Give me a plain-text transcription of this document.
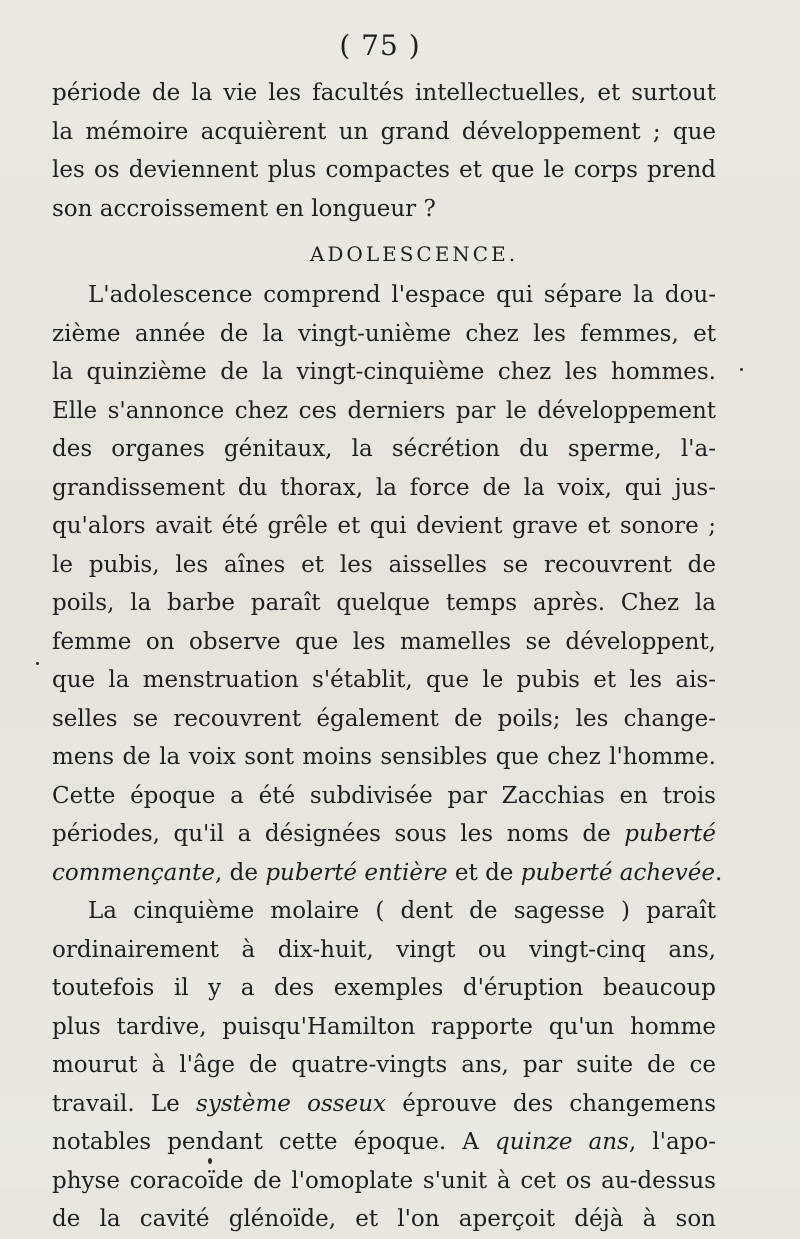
( 75 )
période de la vie les facultés intellectuelles, et surtout
la mémoire acquièrent un grand développement ; que
les os deviennent plus compactes et que le corps prend
son accroissement en longueur ?
ADOLESCENCE.
L'adolescence comprend l'espace qui sépare la dou-
zième année de la vingt-unième chez les femmes, et
la quinzième de la vingt-cinquième chez les hommes.
Elle s'annonce chez ces derniers par le développement
des organes génitaux, la sécrétion du sperme, l'a-
grandissement du thorax, la force de la voix, qui jus-
qu'alors avait été grêle et qui devient grave et sonore ;
le pubis, les aînes et les aisselles se recouvrent de
poils, la barbe paraît quelque temps après. Chez la
femme on observe que les mamelles se développent,
que la menstruation s'établit, que le pubis et les ais-
selles se recouvrent également de poils; les change-
mens de la voix sont moins sensibles que chez l'homme.
Cette époque a été subdivisée par Zacchias en trois
périodes, qu'il a désignées sous les noms de puberté
commençante, de puberté entière et de puberté achevée.
La cinquième molaire ( dent de sagesse ) paraît
ordinairement à dix-huit, vingt ou vingt-cinq ans,
toutefois il y a des exemples d'éruption beaucoup
plus tardive, puisqu'Hamilton rapporte qu'un homme
mourut à l'âge de quatre-vingts ans, par suite de ce
travail. Le système osseux éprouve des changemens
notables pendant cette époque. A quinze ans, l'apo-
physe coracoïde de l'omoplate s'unit à cet os au-dessus
de la cavité glénoïde, et l'on aperçoit déjà à son
